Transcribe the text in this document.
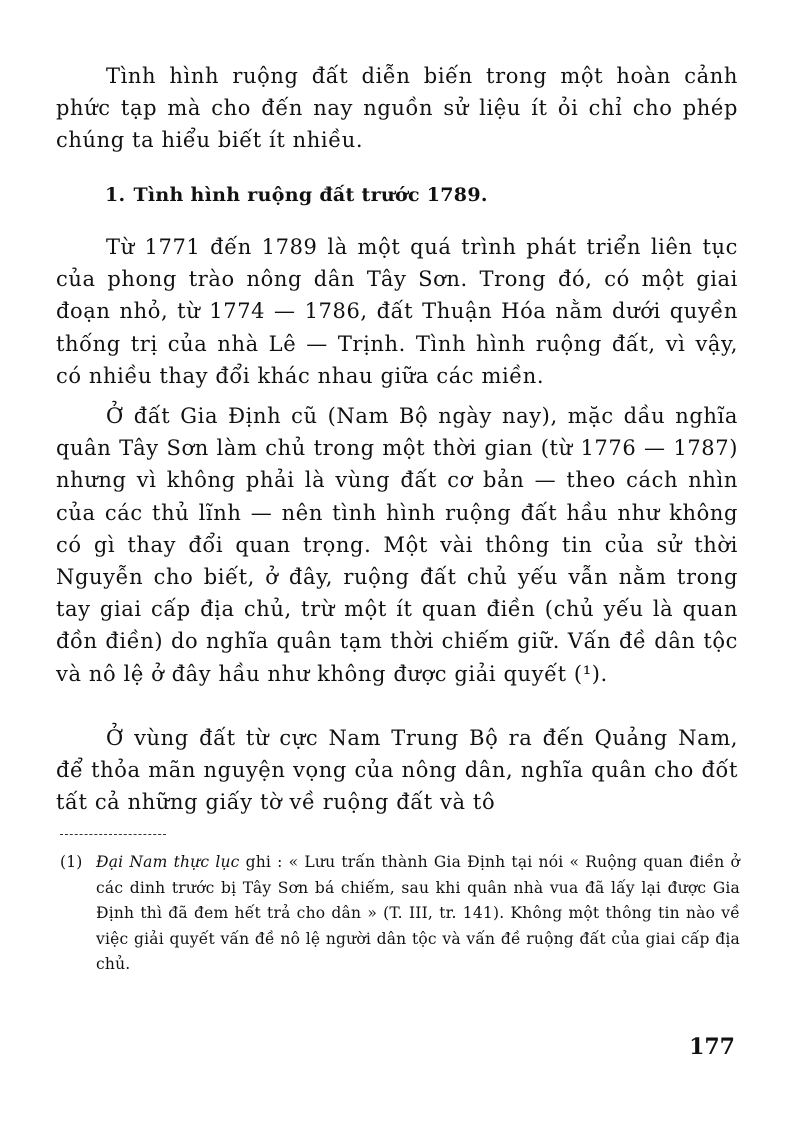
Tình hình ruộng đất diễn biến trong một hoàn cảnh phức tạp mà cho đến nay nguồn sử liệu ít ỏi chỉ cho phép chúng ta hiểu biết ít nhiều.

1. Tình hình ruộng đất trước 1789.

Từ 1771 đến 1789 là một quá trình phát triển liên tục của phong trào nông dân Tây Sơn. Trong đó, có một giai đoạn nhỏ, từ 1774 — 1786, đất Thuận Hóa nằm dưới quyền thống trị của nhà Lê — Trịnh. Tình hình ruộng đất, vì vậy, có nhiều thay đổi khác nhau giữa các miền.

Ở đất Gia Định cũ (Nam Bộ ngày nay), mặc dầu nghĩa quân Tây Sơn làm chủ trong một thời gian (từ 1776 — 1787) nhưng vì không phải là vùng đất cơ bản — theo cách nhìn của các thủ lĩnh — nên tình hình ruộng đất hầu như không có gì thay đổi quan trọng. Một vài thông tin của sử thời Nguyễn cho biết, ở đây, ruộng đất chủ yếu vẫn nằm trong tay giai cấp địa chủ, trừ một ít quan điền (chủ yếu là quan đồn điền) do nghĩa quân tạm thời chiếm giữ. Vấn đề dân tộc và nô lệ ở đây hầu như không được giải quyết (¹).

Ở vùng đất từ cực Nam Trung Bộ ra đến Quảng Nam, để thỏa mãn nguyện vọng của nông dân, nghĩa quân cho đốt tất cả những giấy tờ về ruộng đất và tô

(1) Đại Nam thực lục ghi : « Lưu trấn thành Gia Định tại nói « Ruộng quan điền ở các dinh trước bị Tây Sơn bá chiếm, sau khi quân nhà vua đã lấy lại được Gia Định thì đã đem hết trả cho dân » (T. III, tr. 141). Không một thông tin nào về việc giải quyết vấn đề nô lệ người dân tộc và vấn đề ruộng đất của giai cấp địa chủ.

177
